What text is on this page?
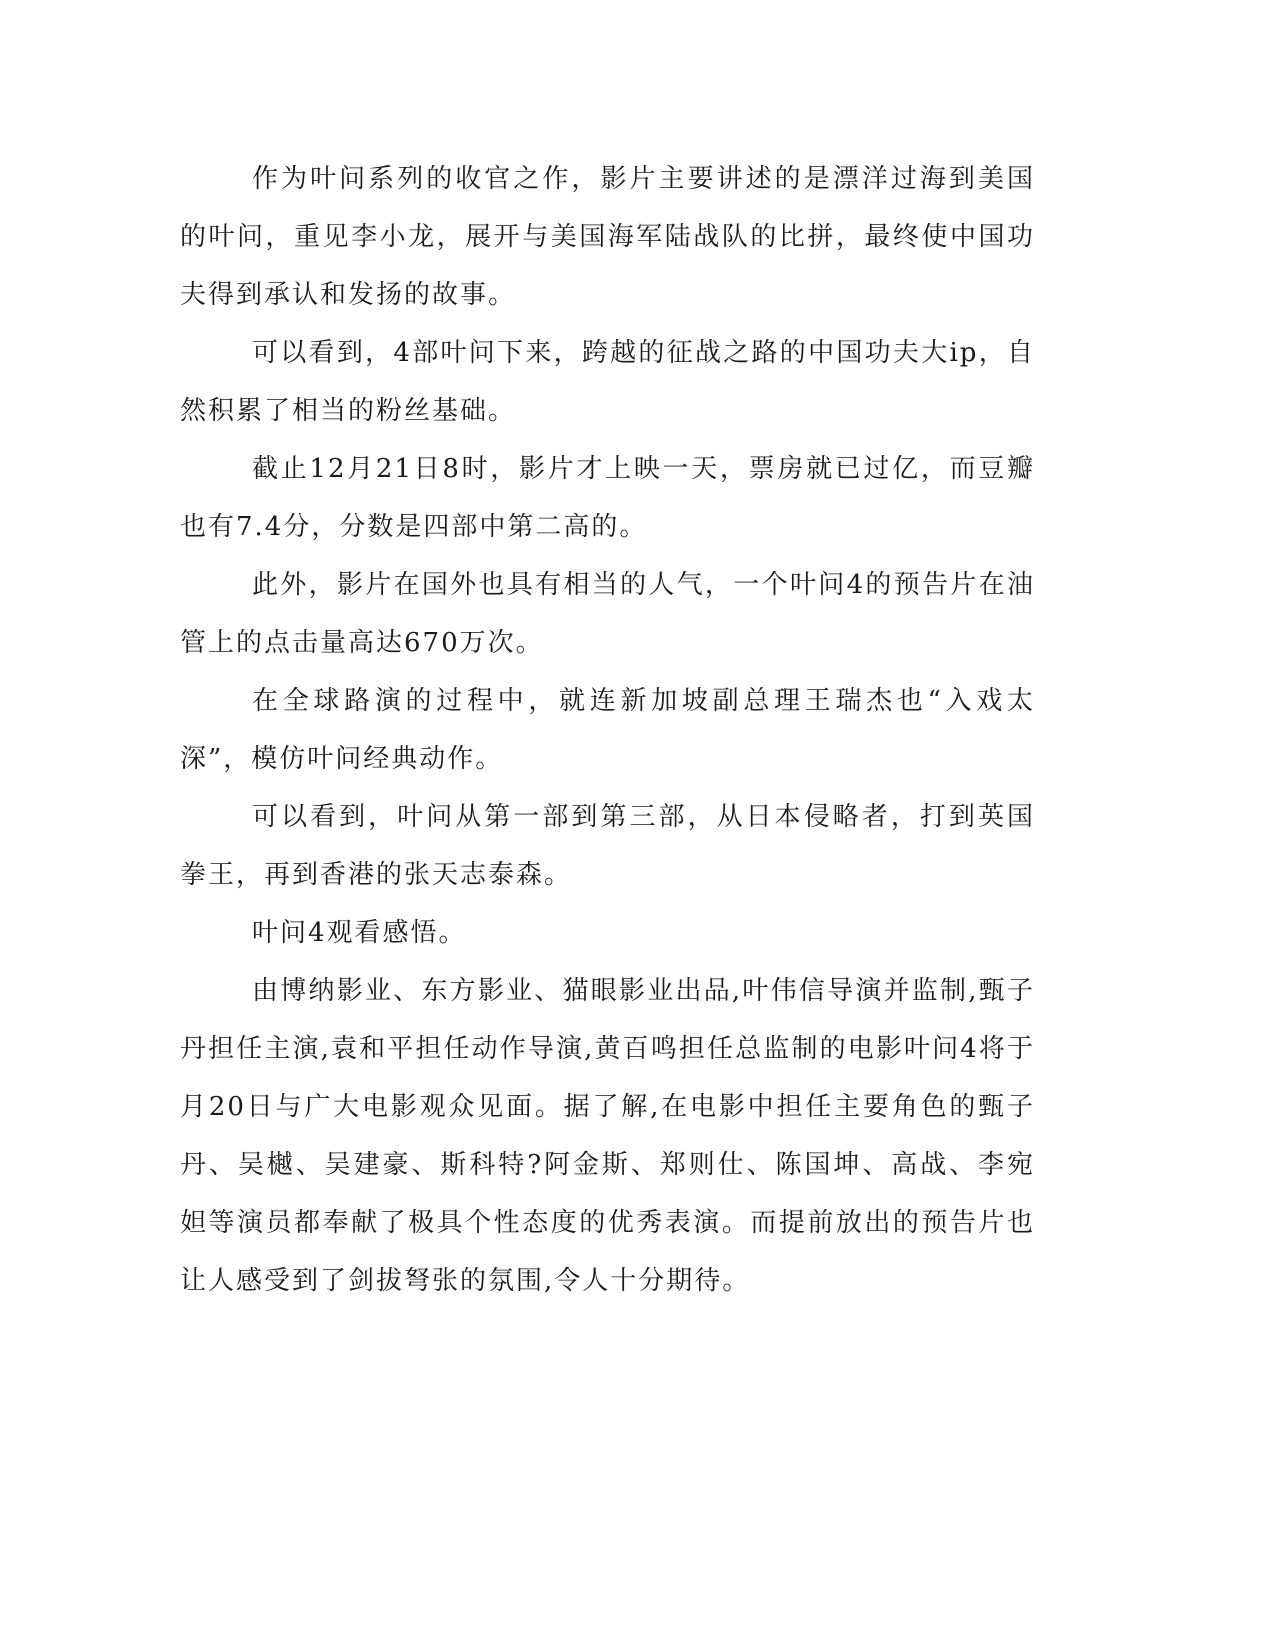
作为叶问系列的收官之作，影片主要讲述的是漂洋过海到美国的叶问，重见李小龙，展开与美国海军陆战队的比拼，最终使中国功夫得到承认和发扬的故事。

可以看到，4部叶问下来，跨越的征战之路的中国功夫大ip，自然积累了相当的粉丝基础。

截止12月21日8时，影片才上映一天，票房就已过亿，而豆瓣也有7.4分，分数是四部中第二高的。

此外，影片在国外也具有相当的人气，一个叶问4的预告片在油管上的点击量高达670万次。

在全球路演的过程中，就连新加坡副总理王瑞杰也“入戏太深”，模仿叶问经典动作。

可以看到，叶问从第一部到第三部，从日本侵略者，打到英国拳王，再到香港的张天志泰森。

叶问4观看感悟。

由博纳影业、东方影业、猫眼影业出品,叶伟信导演并监制,甄子丹担任主演,袁和平担任动作导演,黄百鸣担任总监制的电影叶问4将于月20日与广大电影观众见面。据了解,在电影中担任主要角色的甄子丹、吴樾、吴建豪、斯科特?阿金斯、郑则仕、陈国坤、高战、李宛妲等演员都奉献了极具个性态度的优秀表演。而提前放出的预告片也让人感受到了剑拔弩张的氛围,令人十分期待。
